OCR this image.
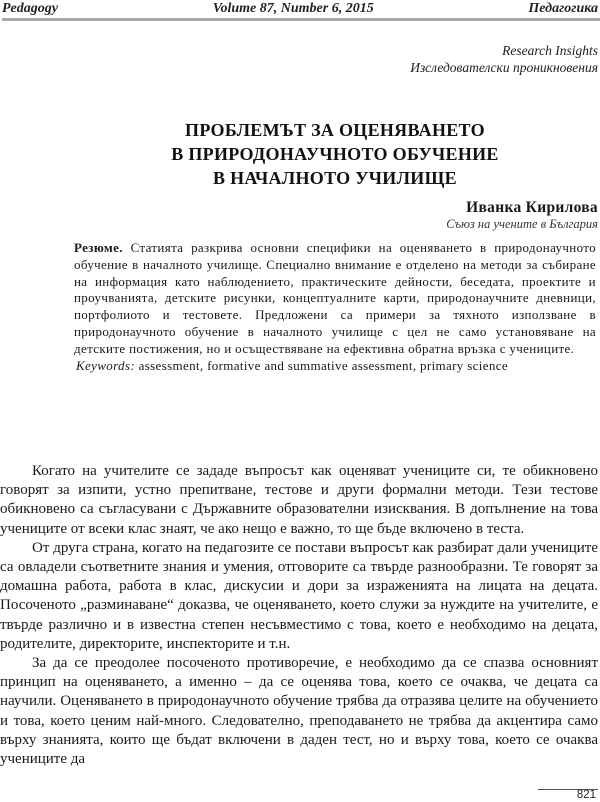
Pedagogy	Volume 87, Number 6, 2015	Педагогика
Research Insights
Изследователски проникновения
ПРОБЛЕМЪТ ЗА ОЦЕНЯВАНЕТО
В ПРИРОДОНАУЧНОТО ОБУЧЕНИЕ
В НАЧАЛНОТО УЧИЛИЩЕ
Иванка Кирилова
Съюз на учените в България

Резюме. Статията разкрива основни специфики на оценяването в природонаучното обучение в началното училище. Специално внимание е отделено на методи за събиране на информация като наблюдението, практическите дейности, беседата, проектите и проучванията, детските рисунки, концептуалните карти, природонаучните дневници, портфолиото и тестовете. Предложени са примери за тяхното използване в природонаучното обучение в началното училище с цел не само установяване на детските постижения, но и осъществяване на ефективна обратна връзка с учениците.

Keywords: assessment, formative and summative assessment, primary science

Когато на учителите се зададе въпросът как оценяват учениците си, те обикновено говорят за изпити, устно препитване, тестове и други формални методи. Тези тестове обикновено са съгласувани с Държавните образователни изисквания. В допълнение на това учениците от всеки клас знаят, че ако нещо е важно, то ще бъде включено в теста.

От друга страна, когато на педагозите се постави въпросът как разбират дали учениците са овладели съответните знания и умения, отговорите са твърде разнообразни. Те говорят за домашна работа, работа в клас, дискусии и дори за израженията на лицата на децата. Посоченото „разминаване“ доказва, че оценяването, което служи за нуждите на учителите, е твърде различно и в известна степен несъвместимо с това, което е необходимо на децата, родителите, директорите, инспекторите и т.н.

За да се преодолее посоченото противоречие, е необходимо да се спазва основният принцип на оценяването, а именно – да се оценява това, което се очаква, че децата са научили. Оценяването в природонаучното обучение трябва да отразява целите на обучението и това, което ценим най-много. Следователно, преподаването не трябва да акцентира само върху знанията, които ще бъдат включени в даден тест, но и върху това, което се очаква учениците да

821
